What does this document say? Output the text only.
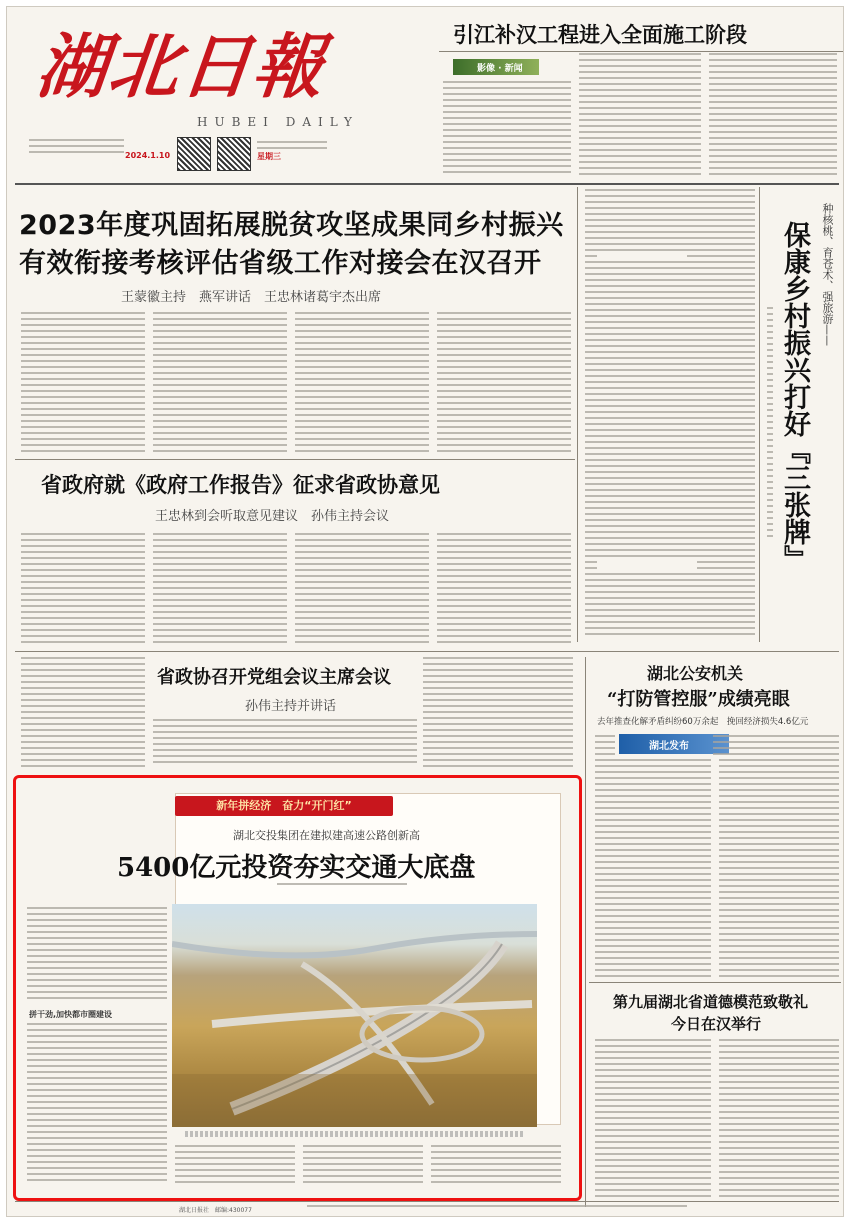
湖北日報
HUBEI DAILY
2024.1.10	星期三
引江补汉工程进入全面施工阶段
影像 · 新闻
2023年度巩固拓展脱贫攻坚成果同乡村振兴
有效衔接考核评估省级工作对接会在汉召开
王蒙徽主持　燕军讲话　王忠林诸葛宇杰出席	种核桃、育苍术、强旅游——
保康乡村振兴打好『三张牌』
省政府就《政府工作报告》征求省政协意见
王忠林到会听取意见建议　孙伟主持会议
省政协召开党组会议主席会议
孙伟主持并讲话
湖北公安机关
“打防管控服”成绩亮眼
去年推查化解矛盾纠纷60万余起　挽回经济损失4.6亿元
湖北发布
第九届湖北省道德模范致敬礼
今日在汉举行
新年拼经济　奋力“开门红”
湖北交投集团在建拟建高速公路创新高
5400亿元投资夯实交通大底盘
拼干劲,加快都市圈建设
湖北日报社　邮编:430077
